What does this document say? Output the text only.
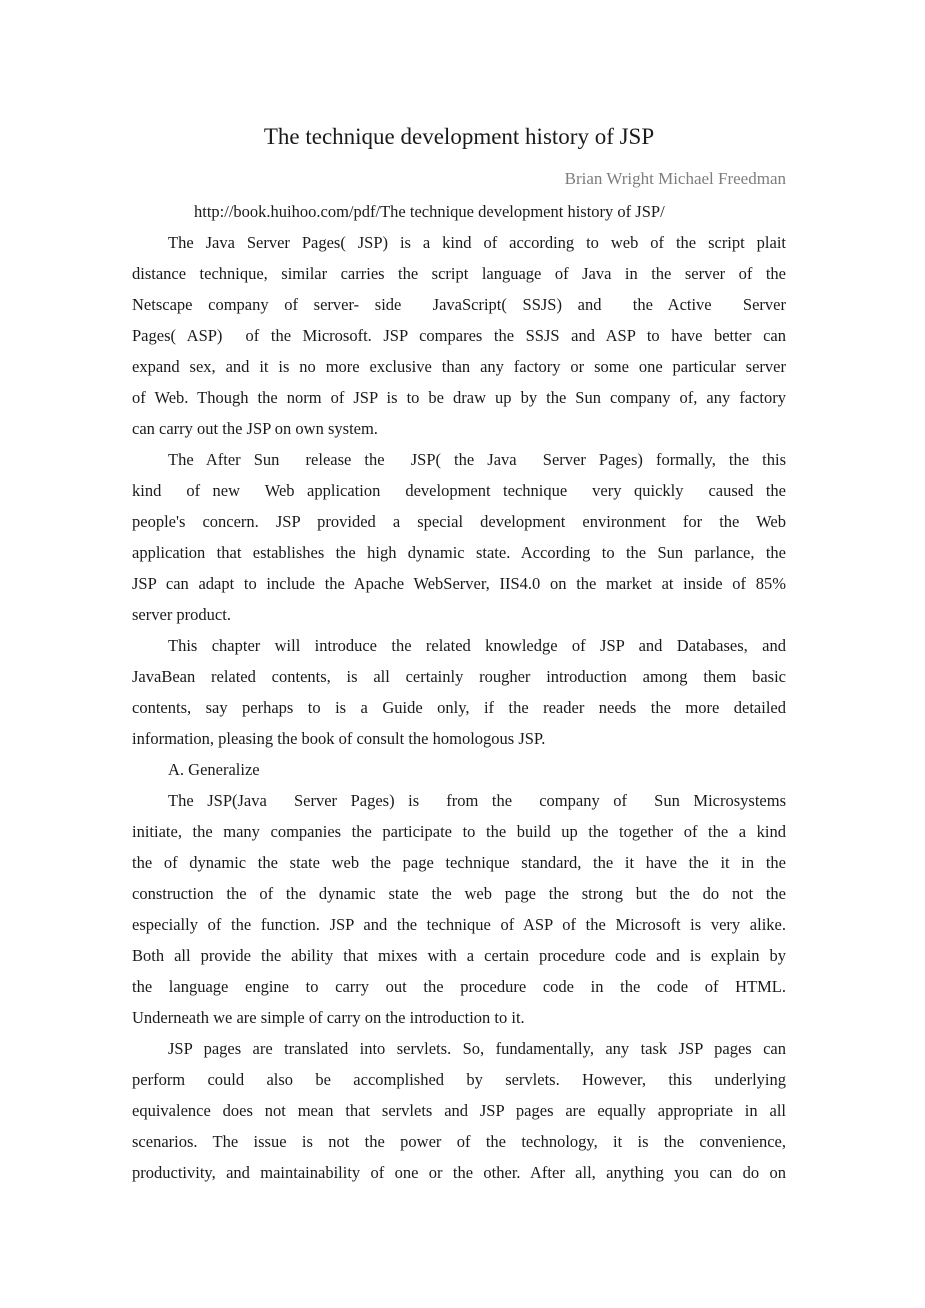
The technique development history of JSP
Brian Wright Michael Freedman
http://book.huihoo.com/pdf/The technique development history of JSP/
The Java Server Pages( JSP) is a kind of according to web of the script plait
distance technique, similar carries the script language of Java in the server of the
Netscape company of server- side  JavaScript( SSJS) and  the Active  Server
Pages( ASP)  of the Microsoft. JSP compares the SSJS and ASP to have better can
expand sex, and it is no more exclusive than any factory or some one particular server
of Web. Though the norm of JSP is to be draw up by the Sun company of, any factory
can carry out the JSP on own system.
The After Sun  release the  JSP( the Java  Server Pages) formally, the this
kind  of new  Web application  development technique  very quickly  caused the
people's concern. JSP provided a special development environment for the Web
application that establishes the high dynamic state. According to the Sun parlance, the
JSP can adapt to include the Apache WebServer, IIS4.0 on the market at inside of 85%
server product.
This chapter will introduce the related knowledge of JSP and Databases, and
JavaBean related contents, is all certainly rougher introduction among them basic
contents, say perhaps to is a Guide only, if the reader needs the more detailed
information, pleasing the book of consult the homologous JSP.
A. Generalize
The JSP(Java  Server Pages) is  from the  company of  Sun Microsystems
initiate, the many companies the participate to the build up the together of the a kind
the of dynamic the state web the page technique standard, the it have the it in the
construction the of the dynamic state the web page the strong but the do not the
especially of the function. JSP and the technique of ASP of the Microsoft is very alike.
Both all provide the ability that mixes with a certain procedure code and is explain by
the language engine to carry out the procedure code in the code of HTML.
Underneath we are simple of carry on the introduction to it.
JSP pages are translated into servlets. So, fundamentally, any task JSP pages can
perform could also be accomplished by servlets. However, this underlying
equivalence does not mean that servlets and JSP pages are equally appropriate in all
scenarios. The issue is not the power of the technology, it is the convenience,
productivity, and maintainability of one or the other. After all, anything you can do on
